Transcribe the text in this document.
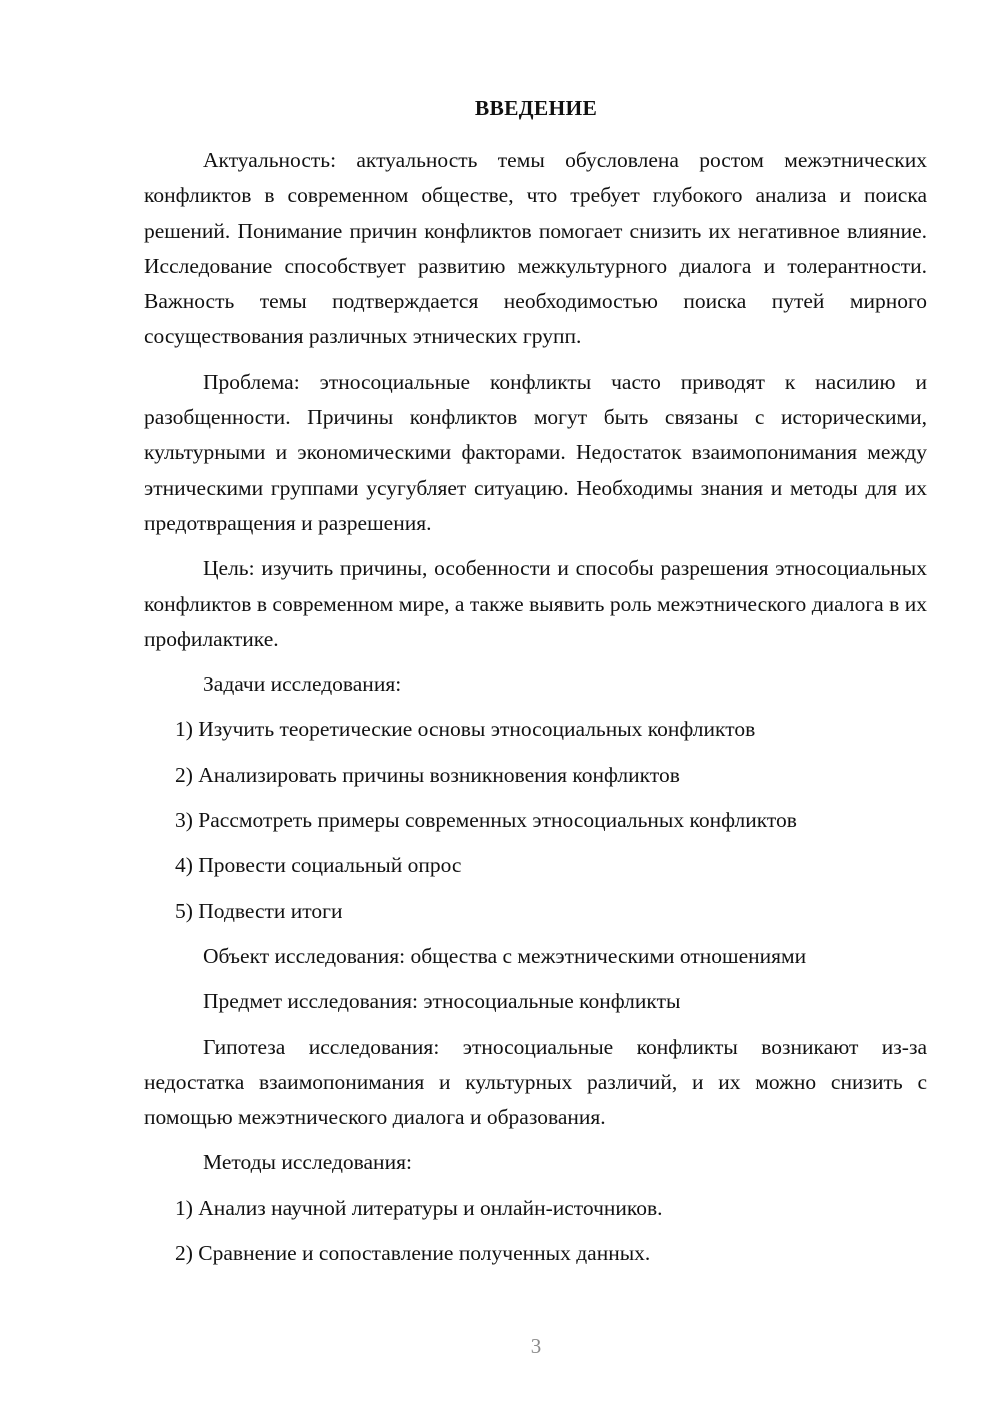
ВВЕДЕНИЕ

Актуальность: актуальность темы обусловлена ростом межэтнических конфликтов в современном обществе, что требует глубокого анализа и поиска решений. Понимание причин конфликтов помогает снизить их негативное влияние. Исследование способствует развитию межкультурного диалога и толерантности. Важность темы подтверждается необходимостью поиска путей мирного сосуществования различных этнических групп.

Проблема: этносоциальные конфликты часто приводят к насилию и разобщенности. Причины конфликтов могут быть связаны с историческими, культурными и экономическими факторами. Недостаток взаимопонимания между этническими группами усугубляет ситуацию. Необходимы знания и методы для их предотвращения и разрешения.

Цель: изучить причины, особенности и способы разрешения этносоциальных конфликтов в современном мире, а также выявить роль межэтнического диалога в их профилактике.

Задачи исследования:

1) Изучить теоретические основы этносоциальных конфликтов

2) Анализировать причины возникновения конфликтов

3) Рассмотреть примеры современных этносоциальных конфликтов

4) Провести социальный опрос

5) Подвести итоги

Объект исследования: общества с межэтническими отношениями

Предмет исследования: этносоциальные конфликты

Гипотеза исследования: этносоциальные конфликты возникают из-за недостатка взаимопонимания и культурных различий, и их можно снизить с помощью межэтнического диалога и образования.

Методы исследования:

1) Анализ научной литературы и онлайн-источников.

2) Сравнение и сопоставление полученных данных.

3
